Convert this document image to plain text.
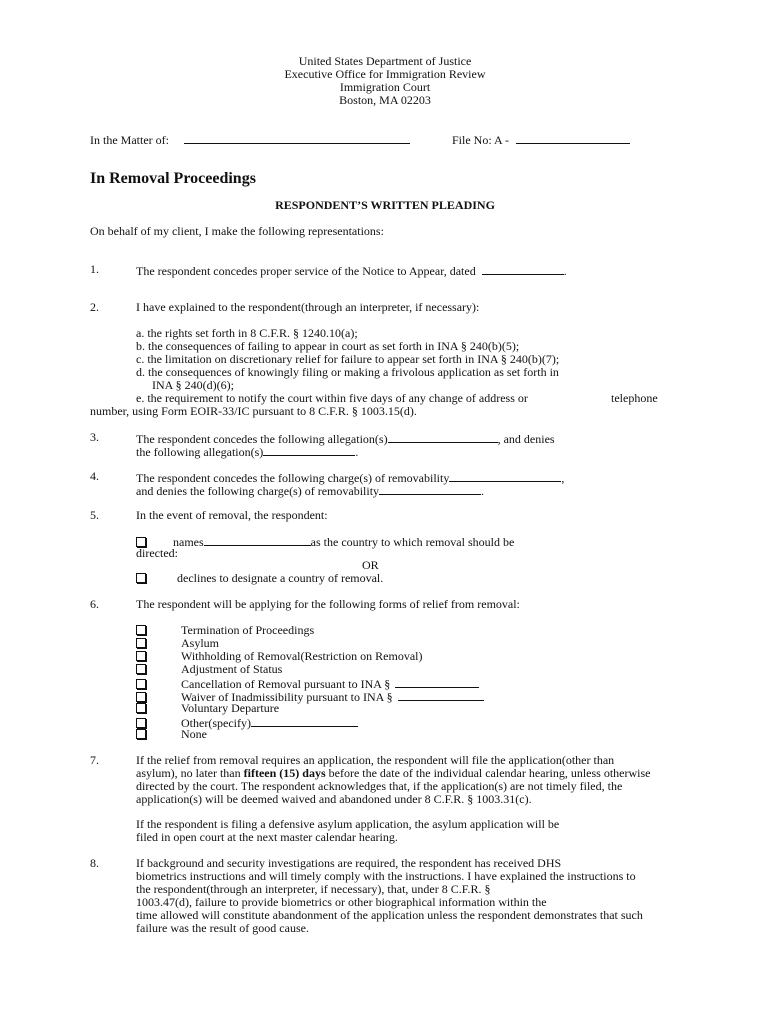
United States Department of Justice
Executive Office for Immigration Review
Immigration Court
Boston, MA 02203
In the Matter of:	File No: A -
In Removal Proceedings
RESPONDENT’S WRITTEN PLEADING
On behalf of my client, I make the following representations:
1.	The respondent concedes proper service of the Notice to Appear, dated	.
2.	I have explained to the respondent(through an interpreter, if necessary):
a. the rights set forth in 8 C.F.R. § 1240.10(a);
b. the consequences of failing to appear in court as set forth in INA § 240(b)(5);
c. the limitation on discretionary relief for failure to appear set forth in INA § 240(b)(7);
d. the consequences of knowingly filing or making a frivolous application as set forth in
INA § 240(d)(6);
e. the requirement to notify the court within five days of any change of address or	telephone
number, using Form EOIR-33/IC pursuant to 8 C.F.R. § 1003.15(d).
3.	The respondent concedes the following allegation(s)	, and denies
the following allegation(s)	.
4.	The respondent concedes the following charge(s) of removability	,
and denies the following charge(s) of removability	.
5.	In the event of removal, the respondent:
names	as the country to which removal should be
directed:
OR
declines to designate a country of removal.
6.	The respondent will be applying for the following forms of relief from removal:
Termination of Proceedings
Asylum
Withholding of Removal(Restriction on Removal)
Adjustment of Status
Cancellation of Removal pursuant to INA §
Waiver of Inadmissibility pursuant to INA §
Voluntary Departure
Other(specify)
None
7.	If the relief from removal requires an application, the respondent will file the application(other than
asylum), no later than fifteen (15) days before the date of the individual calendar hearing, unless otherwise
directed by the court. The respondent acknowledges that, if the application(s) are not timely filed, the
application(s) will be deemed waived and abandoned under 8 C.F.R. § 1003.31(c).
If the respondent is filing a defensive asylum application, the asylum application will be
filed in open court at the next master calendar hearing.
8.	If background and security investigations are required, the respondent has received DHS
biometrics instructions and will timely comply with the instructions. I have explained the instructions to
the respondent(through an interpreter, if necessary), that, under 8 C.F.R. §
1003.47(d), failure to provide biometrics or other biographical information within the
time allowed will constitute abandonment of the application unless the respondent demonstrates that such
failure was the result of good cause.
